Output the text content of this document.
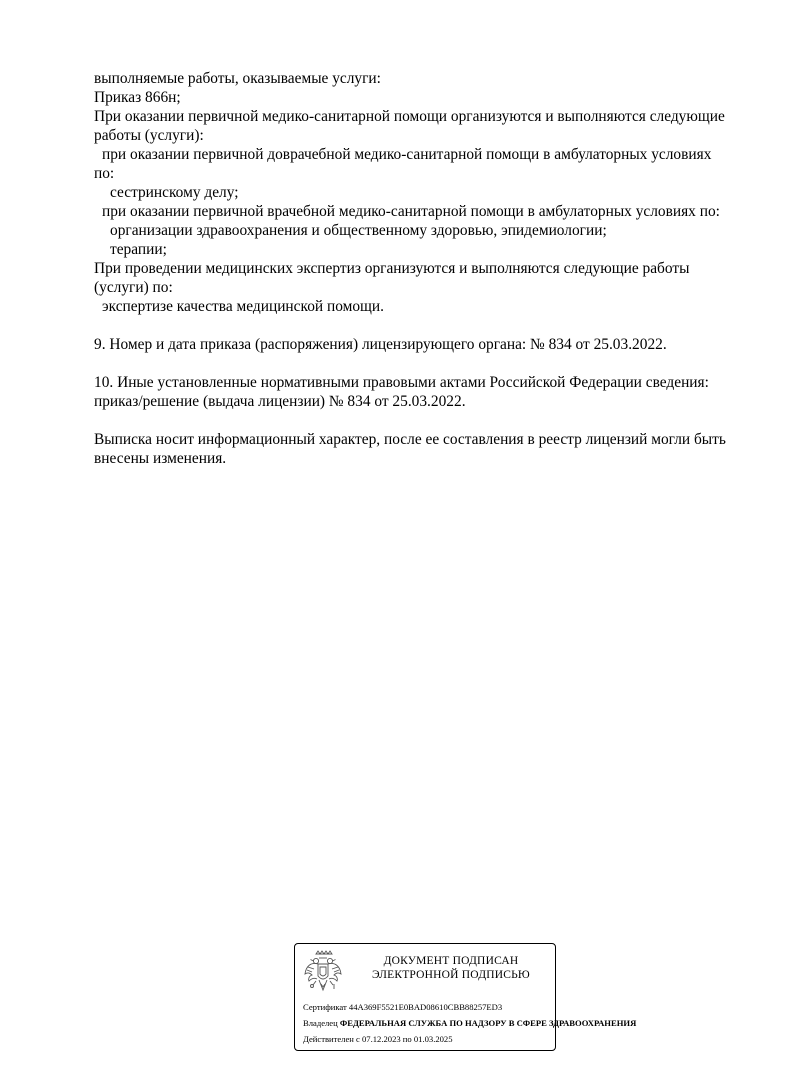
выполняемые работы, оказываемые услуги:
Приказ 866н;
При оказании первичной медико-санитарной помощи организуются и выполняются следующие
работы (услуги):
при оказании первичной доврачебной медико-санитарной помощи в амбулаторных условиях
по:
сестринскому делу;
при оказании первичной врачебной медико-санитарной помощи в амбулаторных условиях по:
организации здравоохранения и общественному здоровью, эпидемиологии;
терапии;
При проведении медицинских экспертиз организуются и выполняются следующие работы
(услуги) по:
экспертизе качества медицинской помощи.
9. Номер и дата приказа (распоряжения) лицензирующего органа: № 834 от 25.03.2022.
10. Иные установленные нормативными правовыми актами Российской Федерации сведения:
приказ/решение (выдача лицензии) № 834 от 25.03.2022.
Выписка носит информационный характер, после ее составления в реестр лицензий могли быть
внесены изменения.
ДОКУМЕНТ ПОДПИСАН
ЭЛЕКТРОННОЙ ПОДПИСЬЮ
Сертификат 44A369F5521E0BAD08610CBB88257ED3
Владелец ФЕДЕРАЛЬНАЯ СЛУЖБА ПО НАДЗОРУ В СФЕРЕ ЗДРАВООХРАНЕНИЯ
Действителен с 07.12.2023 по 01.03.2025
